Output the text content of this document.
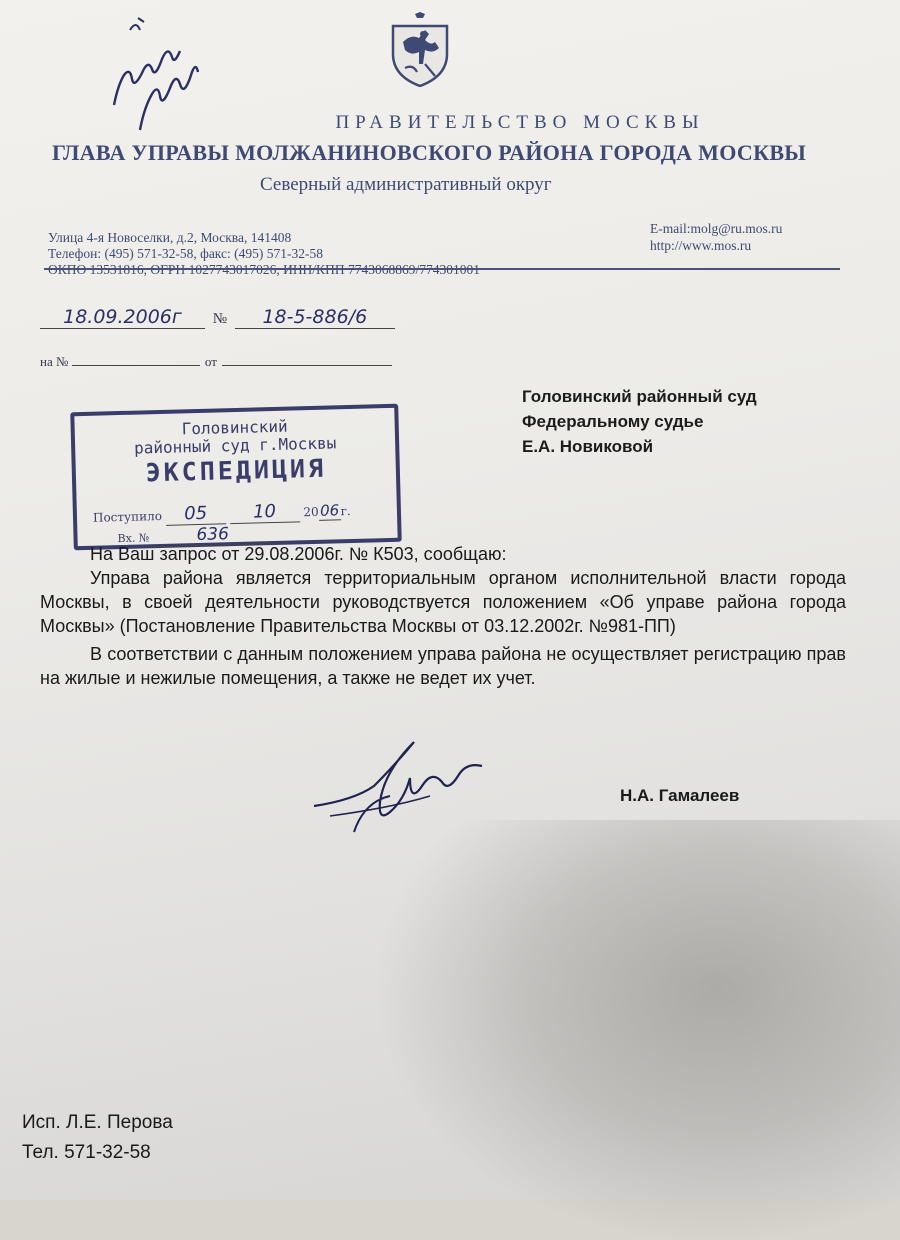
ПРАВИТЕЛЬСТВО МОСКВЫ
ГЛАВА УПРАВЫ МОЛЖАНИНОВСКОГО РАЙОНА ГОРОДА МОСКВЫ
Северный административный округ
Улица 4-я Новоселки, д.2, Москва, 141408
Телефон: (495) 571-32-58, факс: (495) 571-32-58
ОКПО 13531816, ОГРН 1027743017026, ИНН/КПП 7743068869/774301001
E-mail:molg@ru.mos.ru
http://www.mos.ru
18.09.2006г № 18-5-886/6
на №	от
Головинский районный суд
Федеральному судье
Е.А. Новиковой
Головинский
районный суд г.Москвы
ЭКСПЕДИЦИЯ
Поступило 05	10 2006г.
Вх. №	636

На Ваш запрос от 29.08.2006г. № К503, сообщаю:

Управа района является территориальным органом исполнительной власти города Москвы, в своей деятельности руководствуется положением «Об управе района города Москвы» (Постановление Правительства Москвы от 03.12.2002г. №981-ПП)

В соответствии с данным положением управа района не осуществляет регистрацию прав на жилые и нежилые помещения, а также не ведет их учет.

Н.А. Гамалеев
Исп. Л.Е. Перова
Тел. 571-32-58
